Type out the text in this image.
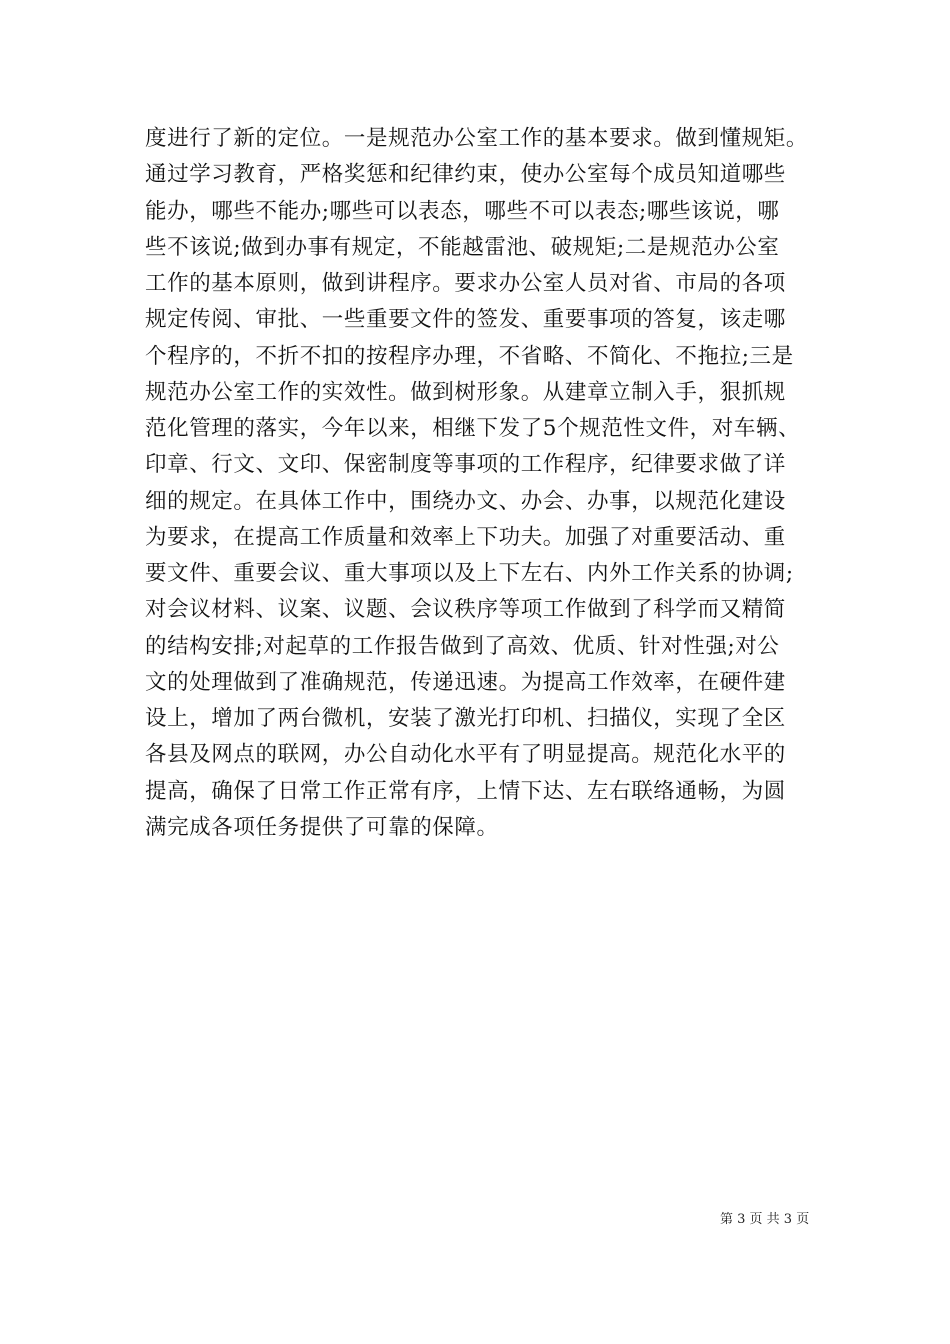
度进行了新的定位。一是规范办公室工作的基本要求。做到懂规矩。
通过学习教育，严格奖惩和纪律约束，使办公室每个成员知道哪些
能办，哪些不能办;哪些可以表态，哪些不可以表态;哪些该说，哪
些不该说;做到办事有规定，不能越雷池、破规矩;二是规范办公室
工作的基本原则，做到讲程序。要求办公室人员对省、市局的各项
规定传阅、审批、一些重要文件的签发、重要事项的答复，该走哪
个程序的，不折不扣的按程序办理，不省略、不简化、不拖拉;三是
规范办公室工作的实效性。做到树形象。从建章立制入手，狠抓规
范化管理的落实，今年以来，相继下发了5个规范性文件，对车辆、
印章、行文、文印、保密制度等事项的工作程序，纪律要求做了详
细的规定。在具体工作中，围绕办文、办会、办事，以规范化建设
为要求，在提高工作质量和效率上下功夫。加强了对重要活动、重
要文件、重要会议、重大事项以及上下左右、内外工作关系的协调;
对会议材料、议案、议题、会议秩序等项工作做到了科学而又精简
的结构安排;对起草的工作报告做到了高效、优质、针对性强;对公
文的处理做到了准确规范，传递迅速。为提高工作效率，在硬件建
设上，增加了两台微机，安装了激光打印机、扫描仪，实现了全区
各县及网点的联网，办公自动化水平有了明显提高。规范化水平的
提高，确保了日常工作正常有序，上情下达、左右联络通畅，为圆
满完成各项任务提供了可靠的保障。
第 3 页 共 3 页
